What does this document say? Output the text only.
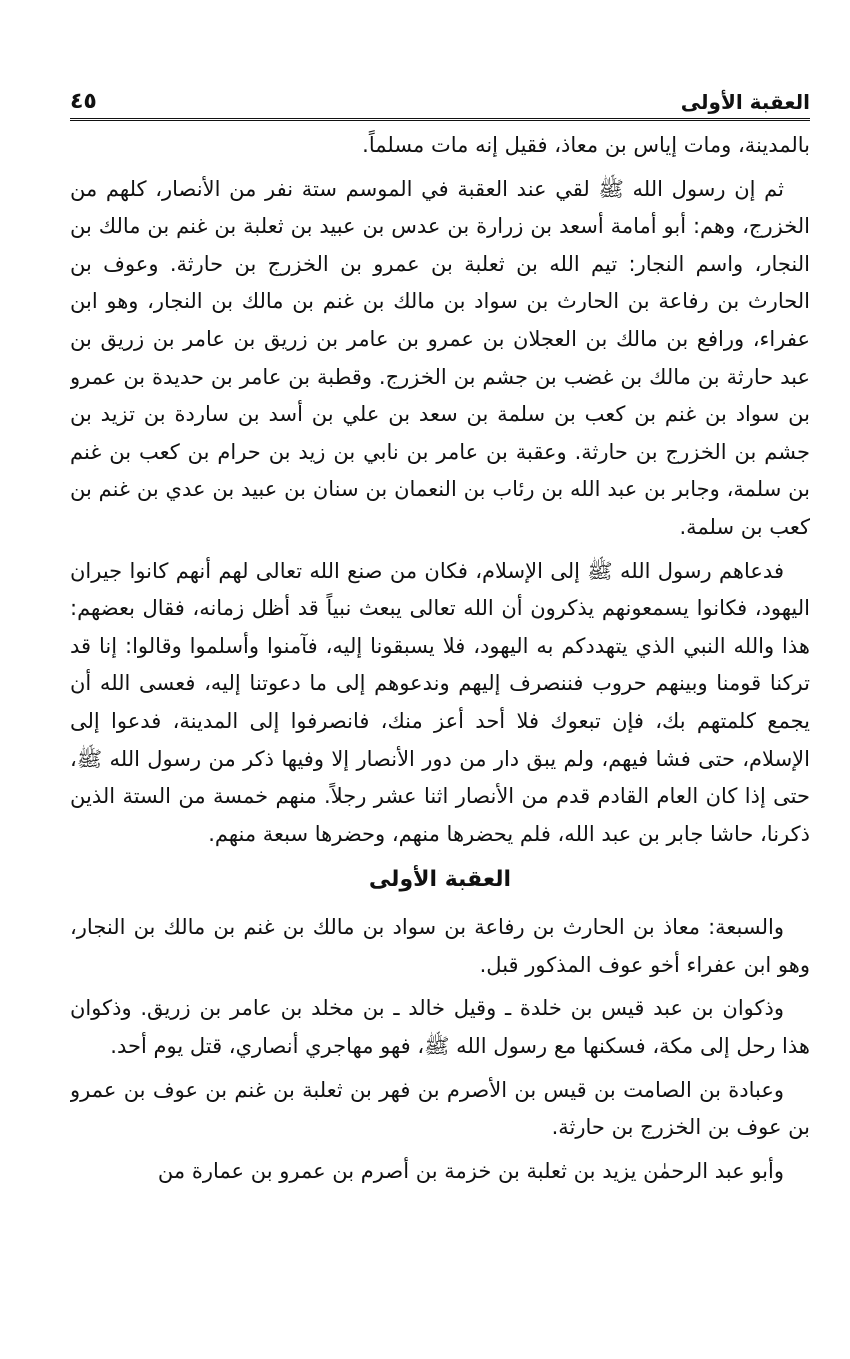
العقبة الأولى
٤٥

بالمدينة، ومات إياس بن معاذ، فقيل إنه مات مسلماً.

ثم إن رسول الله ﷺ لقي عند العقبة في الموسم ستة نفر من الأنصار، كلهم من الخزرج، وهم: أبو أمامة أسعد بن زرارة بن عدس بن عبيد بن ثعلبة بن غنم بن مالك بن النجار، واسم النجار: تيم الله بن ثعلبة بن عمرو بن الخزرج بن حارثة. وعوف بن الحارث بن رفاعة بن الحارث بن سواد بن مالك بن غنم بن مالك بن النجار، وهو ابن عفراء، ورافع بن مالك بن العجلان بن عمرو بن عامر بن زريق بن عامر بن زريق بن عبد حارثة بن مالك بن غضب بن جشم بن الخزرج. وقطبة بن عامر بن حديدة بن عمرو بن سواد بن غنم بن كعب بن سلمة بن سعد بن علي بن أسد بن ساردة بن تزيد بن جشم بن الخزرج بن حارثة. وعقبة بن عامر بن نابي بن زيد بن حرام بن كعب بن غنم بن سلمة، وجابر بن عبد الله بن رئاب بن النعمان بن سنان بن عبيد بن عدي بن غنم بن كعب بن سلمة.

فدعاهم رسول الله ﷺ إلى الإسلام، فكان من صنع الله تعالى لهم أنهم كانوا جيران اليهود، فكانوا يسمعونهم يذكرون أن الله تعالى يبعث نبياً قد أظل زمانه، فقال بعضهم: هذا والله النبي الذي يتهددكم به اليهود، فلا يسبقونا إليه، فآمنوا وأسلموا وقالوا: إنا قد تركنا قومنا وبينهم حروب فننصرف إليهم وندعوهم إلى ما دعوتنا إليه، فعسى الله أن يجمع كلمتهم بك، فإن تبعوك فلا أحد أعز منك، فانصرفوا إلى المدينة، فدعوا إلى الإسلام، حتى فشا فيهم، ولم يبق دار من دور الأنصار إلا وفيها ذكر من رسول الله ﷺ، حتى إذا كان العام القادم قدم من الأنصار اثنا عشر رجلاً. منهم خمسة من الستة الذين ذكرنا، حاشا جابر بن عبد الله، فلم يحضرها منهم، وحضرها سبعة منهم.

العقبة الأولى

والسبعة: معاذ بن الحارث بن رفاعة بن سواد بن مالك بن غنم بن مالك بن النجار، وهو ابن عفراء أخو عوف المذكور قبل.

وذكوان بن عبد قيس بن خلدة ـ وقيل خالد ـ بن مخلد بن عامر بن زريق. وذكوان هذا رحل إلى مكة، فسكنها مع رسول الله ﷺ، فهو مهاجري أنصاري، قتل يوم أحد.

وعبادة بن الصامت بن قيس بن الأصرم بن فهر بن ثعلبة بن غنم بن عوف بن عمرو بن عوف بن الخزرج بن حارثة.

وأبو عبد الرحمٰن يزيد بن ثعلبة بن خزمة بن أصرم بن عمرو بن عمارة من
